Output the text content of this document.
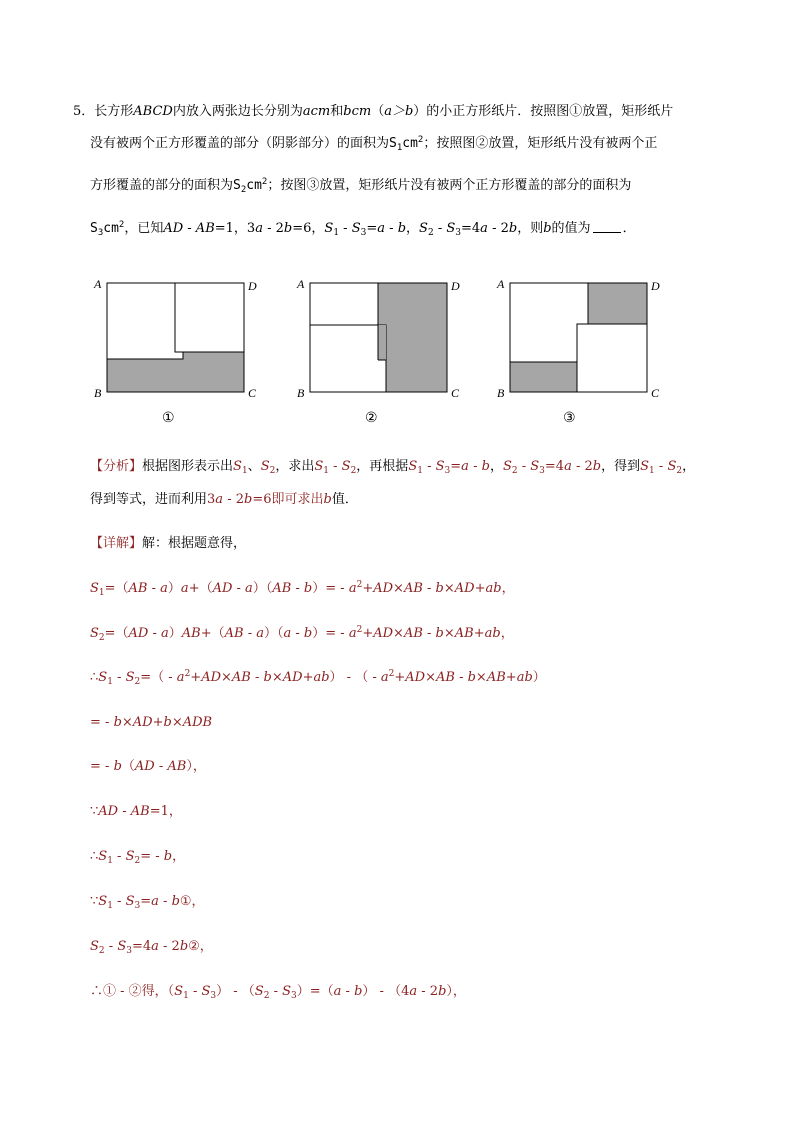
5．长方形ABCD内放入两张边长分别为acm和bcm（a＞b）的小正方形纸片．按照图①放置，矩形纸片
没有被两个正方形覆盖的部分（阴影部分）的面积为$S_1cm^2$；按照图②放置，矩形纸片没有被两个正
方形覆盖的部分的面积为$S_2cm^2$；按图③放置，矩形纸片没有被两个正方形覆盖的部分的面积为
$S_3cm^2$，已知AD - AB=1，3a - 2b=6，$S_1 - S_3=a - b$，$S_2 - S_3=4a - 2b$，则b的值为 ．
A
B	C
D	A
B	C
D	A
B	C
D
①	②	③
【分析】根据图形表示出$S_1$、$S_2$，求出$S_1 - S_2$，再根据$S_1 - S_3=a - b$，$S_2 - S_3=4a - 2b$，得到$S_1 - S_2$，
得到等式，进而利用3a - 2b=6即可求出b值．
【详解】解：根据题意得，
$S_1=(AB - a)a+(AD - a)(AB - b)= - a^2+AD\times AB - b\times AD+ab$，
$S_2=(AD - a)AB+(AB - a)(a - b)= - a^2+AD\times AB - b\times AB+ab$，
$\therefore S_1 - S_2=( - a^2+AD\times AB - b\times AD+ab)$ - （ - $a^2+AD\times AB - b\times AB+ab$）
= - b×AD+b×ADB
= - b（AD - AB），
∵AD - AB=1，
$\therefore S_1 - S_2= - b$，
$\because S_1 - S_3=a$ - b①，
$S_2 - S_3=4a$ - 2b②，
∴① - ②得，$(S_1 - S_3) - (S_2 - S_3)=(a - b) - (4a - 2b)$，
